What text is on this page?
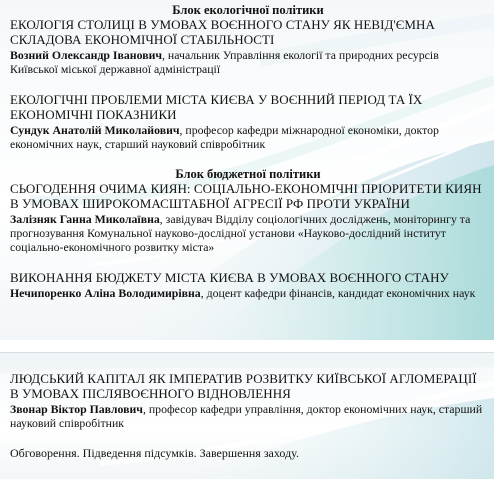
Блок екологічної політики

ЕКОЛОГІЯ СТОЛИЦІ В УМОВАХ ВОЄННОГО СТАНУ ЯК НЕВІД'ЄМНА СКЛАДОВА ЕКОНОМІЧНОЇ СТАБІЛЬНОСТІ

Возний Олександр Іванович, начальник Управління екології та природних ресурсів Київської міської державної адміністрації

ЕКОЛОГІЧНІ ПРОБЛЕМИ МІСТА КИЄВА У ВОЄННИЙ ПЕРІОД ТА ЇХ ЕКОНОМІЧНІ ПОКАЗНИКИ

Сундук Анатолій Миколайович, професор кафедри міжнародної економіки, доктор економічних наук, старший науковий співробітник

Блок бюджетної політики

СЬОГОДЕННЯ ОЧИМА КИЯН: СОЦІАЛЬНО-ЕКОНОМІЧНІ ПРІОРИТЕТИ КИЯН В УМОВАХ ШИРОКОМАСШТАБНОЇ АГРЕСІЇ РФ ПРОТИ УКРАЇНИ

Залізняк Ганна Миколаївна, завідувач Відділу соціологічних досліджень, моніторингу та прогнозування Комунальної науково-дослідної установи «Науково-дослідний інститут соціально-економічного розвитку міста»

ВИКОНАННЯ БЮДЖЕТУ МІСТА КИЄВА В УМОВАХ ВОЄННОГО СТАНУ

Нечипоренко Аліна Володимирівна, доцент кафедри фінансів, кандидат економічних наук

ЛЮДСЬКИЙ КАПІТАЛ ЯК ІМПЕРАТИВ РОЗВИТКУ КИЇВСЬКОЇ АГЛОМЕРАЦІЇ В УМОВАХ ПІСЛЯВОЄННОГО ВІДНОВЛЕННЯ

Звонар Віктор Павлович, професор кафедри управління, доктор економічних наук, старший науковий співробітник

Обговорення. Підведення підсумків. Завершення заходу.
